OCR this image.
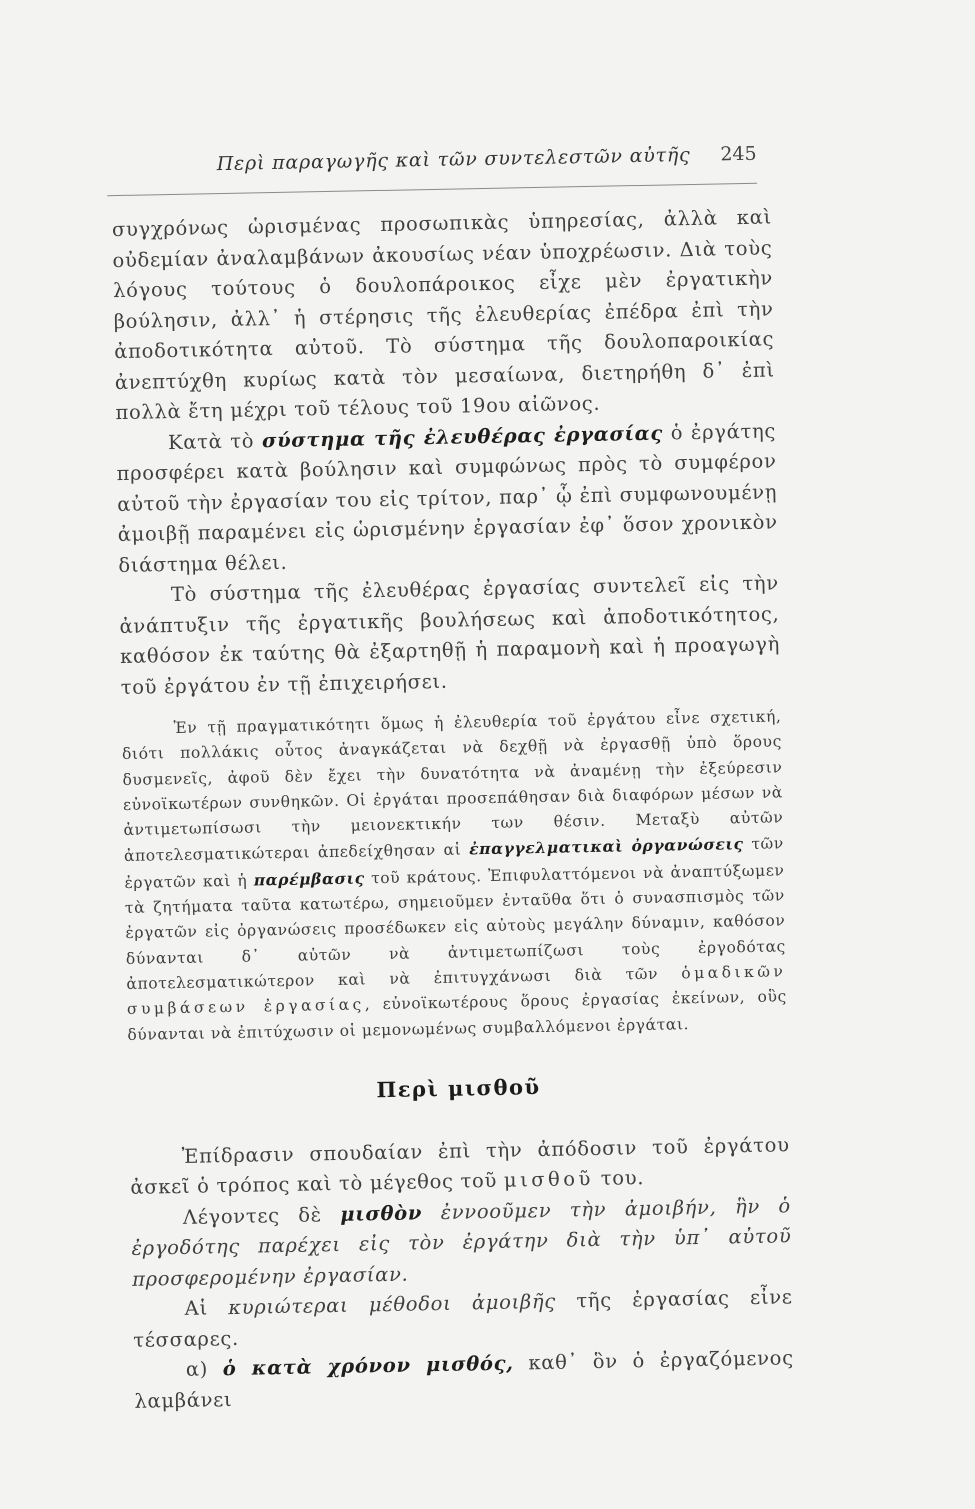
Περὶ παραγωγῆς καὶ τῶν συντελεστῶν αὐτῆς 245

συγχρόνως ὡρισμένας προσωπικὰς ὑπηρεσίας, ἀλλὰ καὶ οὐδεμίαν ἀναλαμβάνων ἀκουσίως νέαν ὑποχρέωσιν. Διὰ τοὺς λόγους τούτους ὁ δουλοπάροικος εἶχε μὲν ἐργατικὴν βούλησιν, ἀλλ᾽ ἡ στέρησις τῆς ἐλευθερίας ἐπέδρα ἐπὶ τὴν ἀποδοτικότητα αὐτοῦ. Τὸ σύστημα τῆς δουλοπαροικίας ἀνεπτύχθη κυρίως κατὰ τὸν μεσαίωνα, διετηρήθη δ᾽ ἐπὶ πολλὰ ἔτη μέχρι τοῦ τέλους τοῦ 19ου αἰῶνος.

Κατὰ τὸ σύστημα τῆς ἐλευθέρας ἐργασίας ὁ ἐργάτης προσφέρει κατὰ βούλησιν καὶ συμφώνως πρὸς τὸ συμφέρον αὐτοῦ τὴν ἐργασίαν του εἰς τρίτον, παρ᾽ ᾧ ἐπὶ συμφωνουμένῃ ἀμοιβῇ παραμένει εἰς ὡρισμένην ἐργασίαν ἐφ᾽ ὅσον χρονικὸν διάστημα θέλει.

Τὸ σύστημα τῆς ἐλευθέρας ἐργασίας συντελεῖ εἰς τὴν ἀνάπτυξιν τῆς ἐργατικῆς βουλήσεως καὶ ἀποδοτικότητος, καθόσον ἐκ ταύτης θὰ ἐξαρτηθῇ ἡ παραμονὴ καὶ ἡ προαγωγὴ τοῦ ἐργάτου ἐν τῇ ἐπιχειρήσει.

Ἐν τῇ πραγματικότητι ὅμως ἡ ἐλευθερία τοῦ ἐργάτου εἶνε σχετική, διότι πολλάκις οὗτος ἀναγκάζεται νὰ δεχθῇ νὰ ἐργασθῇ ὑπὸ ὅρους δυσμενεῖς, ἀφοῦ δὲν ἔχει τὴν δυνατότητα νὰ ἀναμένῃ τὴν ἐξεύρεσιν εὐνοϊκωτέρων συνθηκῶν. Οἱ ἐργάται προσεπάθησαν διὰ διαφόρων μέσων νὰ ἀντιμετωπίσωσι τὴν μειονεκτικήν των θέσιν. Μεταξὺ αὐτῶν ἀποτελεσματικώτεραι ἀπεδείχθησαν αἱ ἐπαγγελματικαὶ ὀργανώσεις τῶν ἐργατῶν καὶ ἡ παρέμβασις τοῦ κράτους. Ἐπιφυλαττόμενοι νὰ ἀναπτύξωμεν τὰ ζητήματα ταῦτα κατωτέρω, σημειοῦμεν ἐνταῦθα ὅτι ὁ συνασπισμὸς τῶν ἐργατῶν εἰς ὀργανώσεις προσέδωκεν εἰς αὐτοὺς μεγάλην δύναμιν, καθόσον δύνανται δ᾽ αὐτῶν νὰ ἀντιμετωπίζωσι τοὺς ἐργοδότας ἀποτελεσματικώτερον καὶ νὰ ἐπιτυγχάνωσι διὰ τῶν ὁμαδικῶν συμβάσεων ἐργασίας, εὐνοϊκωτέρους ὅρους ἐργασίας ἐκείνων, οὓς δύνανται νὰ ἐπιτύχωσιν οἱ μεμονωμένως συμβαλλόμενοι ἐργάται.

Περὶ μισθοῦ

Ἐπίδρασιν σπουδαίαν ἐπὶ τὴν ἀπόδοσιν τοῦ ἐργάτου ἀσκεῖ ὁ τρόπος καὶ τὸ μέγεθος τοῦ μισθοῦ του.

Λέγοντες δὲ μισθὸν ἐννοοῦμεν τὴν ἀμοιβήν, ἣν ὁ ἐργοδότης παρέχει εἰς τὸν ἐργάτην διὰ τὴν ὑπ᾽ αὐτοῦ προσφερομένην ἐργασίαν.

Αἱ κυριώτεραι μέθοδοι ἀμοιβῆς τῆς ἐργασίας εἶνε τέσσαρες.

α) ὁ κατὰ χρόνον μισθός, καθ᾽ ὃν ὁ ἐργαζόμενος λαμβάνει
